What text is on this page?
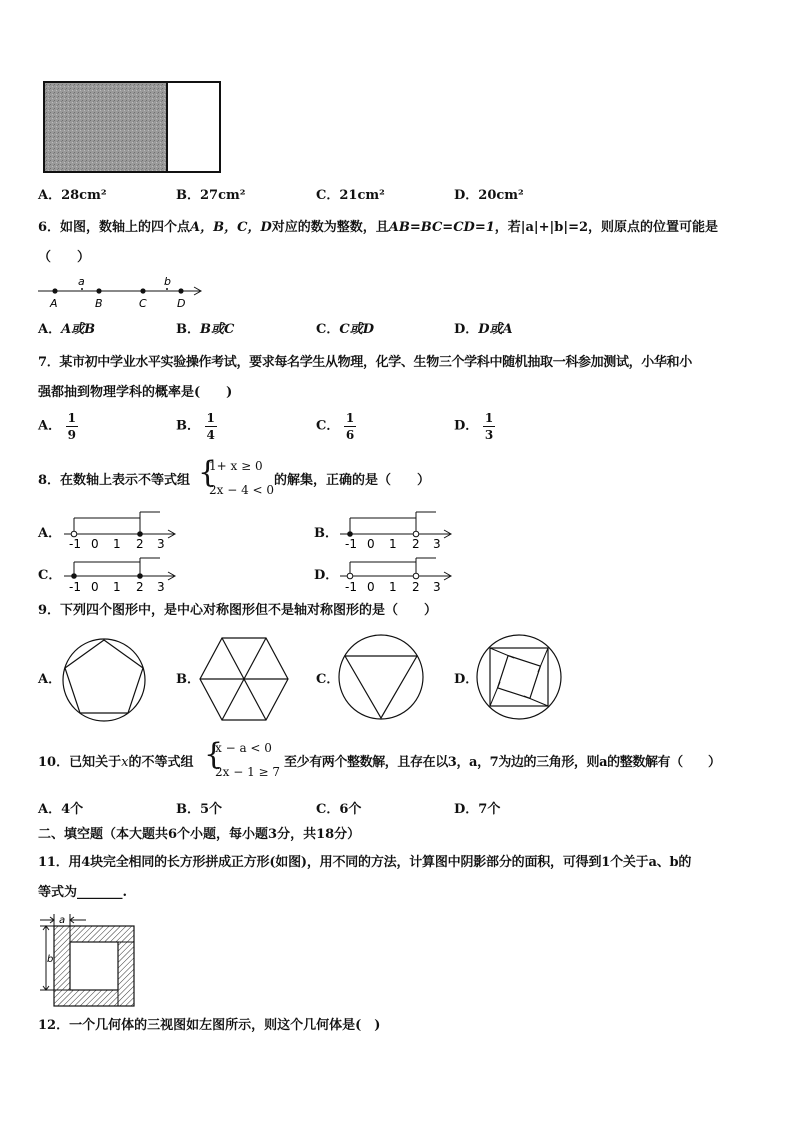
A．28cm²	B．27cm²	C．21cm²	D．20cm²
6．如图，数轴上的四个点A，B，C，D对应的数为整数，且AB=BC=CD=1，若|a|+|b|=2，则原点的位置可能是
（　　）
a	b
A	B	C	D
A．A或B	B．B或C	C．C或D	D．D或A
7．某市初中学业水平实验操作考试，要求每名学生从物理，化学、生物三个学科中随机抽取一科参加测试，小华和小
强都抽到物理学科的概率是(　　)
A． $\frac{1}{9}$	B． $\frac{1}{4}$	C． $\frac{1}{6}$	D． $\frac{1}{3}$
8．在数轴上表示不等式组 {
1+ x ≥ 0
2x − 4 < 0
的解集，正确的是（　　）
A．
-1 0 1 2 3
B．
-1 0 1 2 3
C．
-1 0 1 2 3
D．
-1 0 1 2 3
9．下列四个图形中，是中心对称图形但不是轴对称图形的是（　　）
A．	B．	C．	D．
10．已知关于x的不等式组 {
x − a < 0
2x − 1 ≥ 7
至少有两个整数解，且存在以3，a，7为边的三角形，则a的整数解有（　　）
A．4个	B．5个	C．6个	D．7个
二、填空题（本大题共6个小题，每小题3分，共18分）
11．用4块完全相同的长方形拼成正方形(如图)，用不同的方法，计算图中阴影部分的面积，可得到1个关于a、b的
等式为_______.
a
b
12．一个几何体的三视图如左图所示，则这个几何体是(　)
